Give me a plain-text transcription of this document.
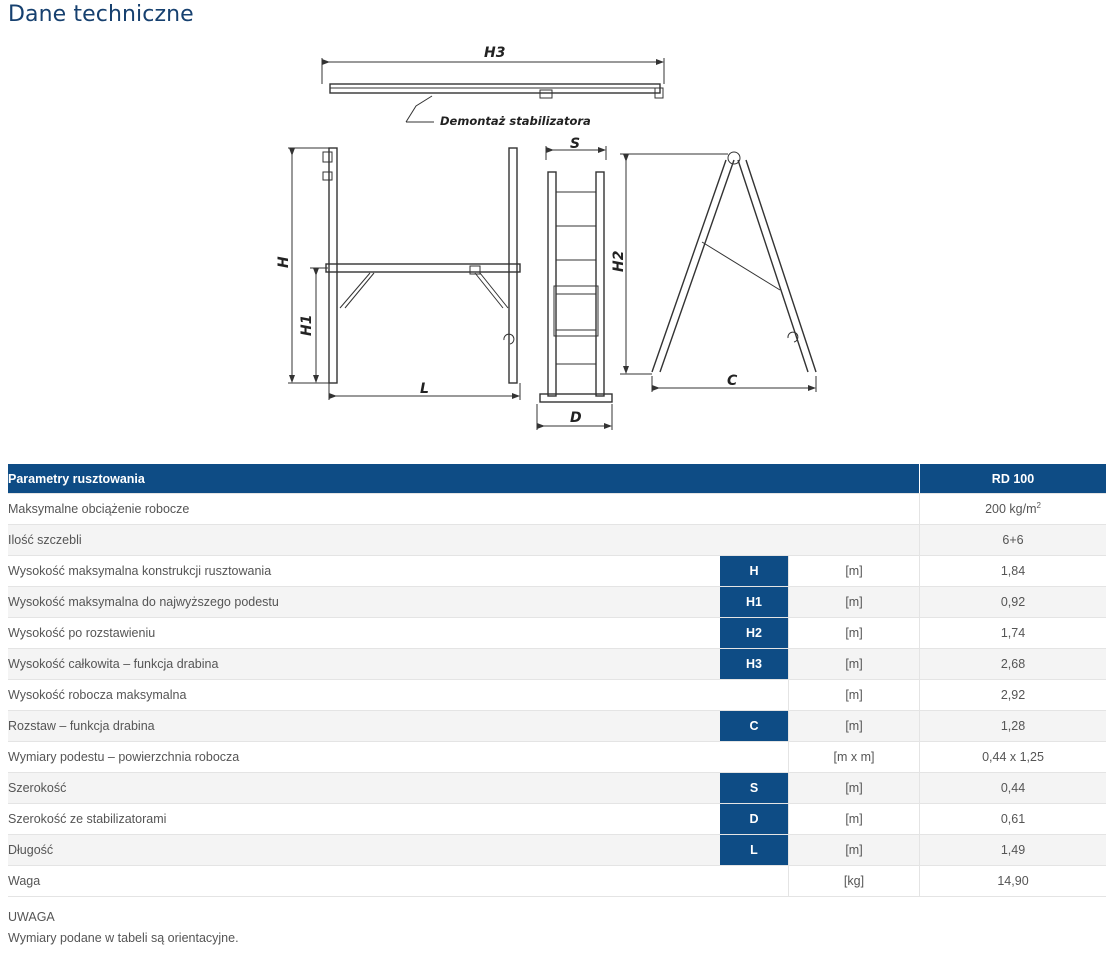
Dane techniczne
H3
Demontaż stabilizatora
H
H1
L
S
D
H2
C
Parametry rusztowania			RD 100
Maksymalne obciążenie robocze			200 $kg/m^2$
Ilość szczebli			6+6
Wysokość maksymalna konstrukcji rusztowania	H	[m]	1,84
Wysokość maksymalna do najwyższego podestu	H1	[m]	0,92
Wysokość po rozstawieniu	H2	[m]	1,74
Wysokość całkowita – funkcja drabina	H3	[m]	2,68
Wysokość robocza maksymalna		[m]	2,92
Rozstaw – funkcja drabina	C	[m]	1,28
Wymiary podestu – powierzchnia robocza		[m x m]	0,44 x 1,25
Szerokość	S	[m]	0,44
Szerokość ze stabilizatorami	D	[m]	0,61
Długość	L	[m]	1,49
Waga		[kg]	14,90
UWAGA
Wymiary podane w tabeli są orientacyjne.
